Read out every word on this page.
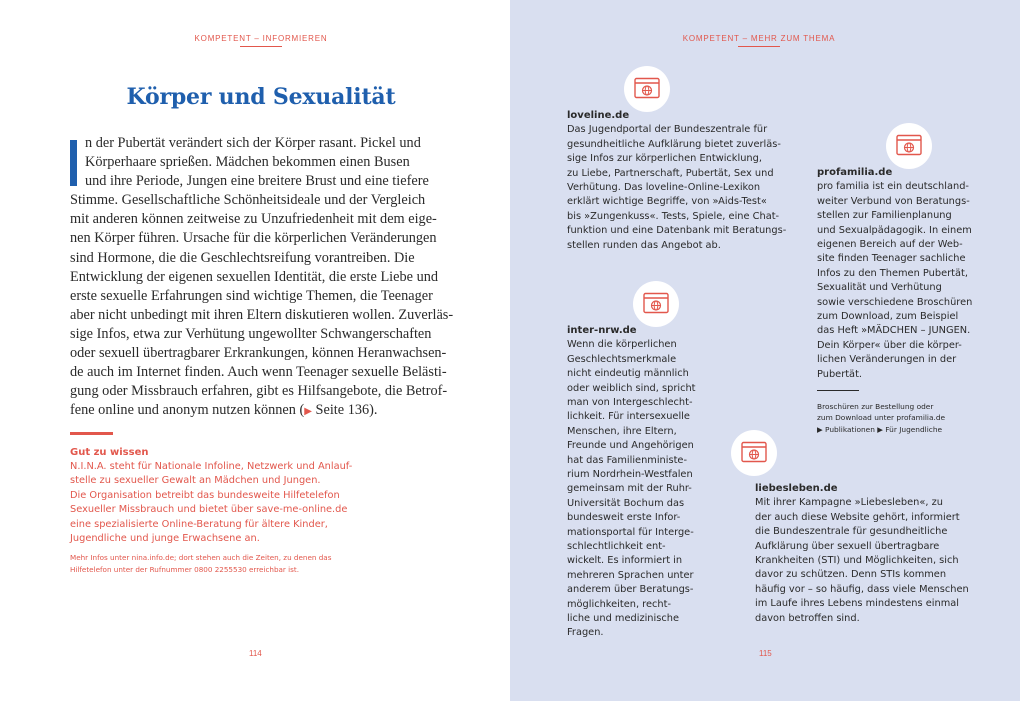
KOMPETENT – INFORMIEREN
Körper und Sexualität
n der Pubertät verändert sich der Körper rasant. Pickel und
Körperhaare sprießen. Mädchen bekommen einen Busen
und ihre Periode, Jungen eine breitere Brust und eine tiefere
Stimme. Gesellschaftliche Schönheitsideale und der Vergleich
mit anderen können zeitweise zu Unzufriedenheit mit dem eige-
nen Körper führen. Ursache für die körperlichen Veränderungen
sind Hormone, die die Geschlechtsreifung vorantreiben. Die
Entwicklung der eigenen sexuellen Identität, die erste Liebe und
erste sexuelle Erfahrungen sind wichtige Themen, die Teenager
aber nicht unbedingt mit ihren Eltern diskutieren wollen. Zuverläs-
sige Infos, etwa zur Verhütung ungewollter Schwangerschaften
oder sexuell übertragbarer Erkrankungen, können Heranwachsen-
de auch im Internet finden. Auch wenn Teenager sexuelle Belästi-
gung oder Missbrauch erfahren, gibt es Hilfsangebote, die Betrof-
fene online und anonym nutzen können (▶ Seite 136).
Gut zu wissen
N.I.N.A. steht für Nationale Infoline, Netzwerk und Anlauf-
stelle zu sexueller Gewalt an Mädchen und Jungen.
Die Organisation betreibt das bundesweite Hilfetelefon
Sexueller Missbrauch und bietet über save-me-online.de
eine spezialisierte Online-Beratung für ältere Kinder,
Jugendliche und junge Erwachsene an.
Mehr Infos unter nina.info.de; dort stehen auch die Zeiten, zu denen das
Hilfetelefon unter der Rufnummer 0800 2255530 erreichbar ist.
114
KOMPETENT – MEHR ZUM THEMA
loveline.de
Das Jugendportal der Bundeszentrale für
gesundheitliche Aufklärung bietet zuverläs-
sige Infos zur körperlichen Entwicklung,
zu Liebe, Partnerschaft, Pubertät, Sex und
Verhütung. Das loveline-Online-Lexikon
erklärt wichtige Begriffe, von »Aids-Test«
bis »Zungenkuss«. Tests, Spiele, eine Chat-
funktion und eine Datenbank mit Beratungs-
stellen runden das Angebot ab.
profamilia.de
pro familia ist ein deutschland-
weiter Verbund von Beratungs-
stellen zur Familienplanung
und Sexualpädagogik. In einem
eigenen Bereich auf der Web-
site finden Teenager sachliche
Infos zu den Themen Pubertät,
Sexualität und Verhütung
sowie verschiedene Broschüren
zum Download, zum Beispiel
das Heft »MÄDCHEN – JUNGEN.
Dein Körper« über die körper-
lichen Veränderungen in der
Pubertät.
Broschüren zur Bestellung oder
zum Download unter profamilia.de
▶ Publikationen ▶ Für Jugendliche
inter-nrw.de
Wenn die körperlichen
Geschlechtsmerkmale
nicht eindeutig männlich
oder weiblich sind, spricht
man von Intergeschlecht-
lichkeit. Für intersexuelle
Menschen, ihre Eltern,
Freunde und Angehörigen
hat das Familienministe-
rium Nordrhein-Westfalen
gemeinsam mit der Ruhr-
Universität Bochum das
bundesweit erste Infor-
mationsportal für Interge-
schlechtlichkeit ent-
wickelt. Es informiert in
mehreren Sprachen unter
anderem über Beratungs-
möglichkeiten, recht-
liche und medizinische
Fragen.
liebesleben.de
Mit ihrer Kampagne »Liebesleben«, zu
der auch diese Website gehört, informiert
die Bundeszentrale für gesundheitliche
Aufklärung über sexuell übertragbare
Krankheiten (STI) und Möglichkeiten, sich
davor zu schützen. Denn STIs kommen
häufig vor – so häufig, dass viele Menschen
im Laufe ihres Lebens mindestens einmal
davon betroffen sind.
115
